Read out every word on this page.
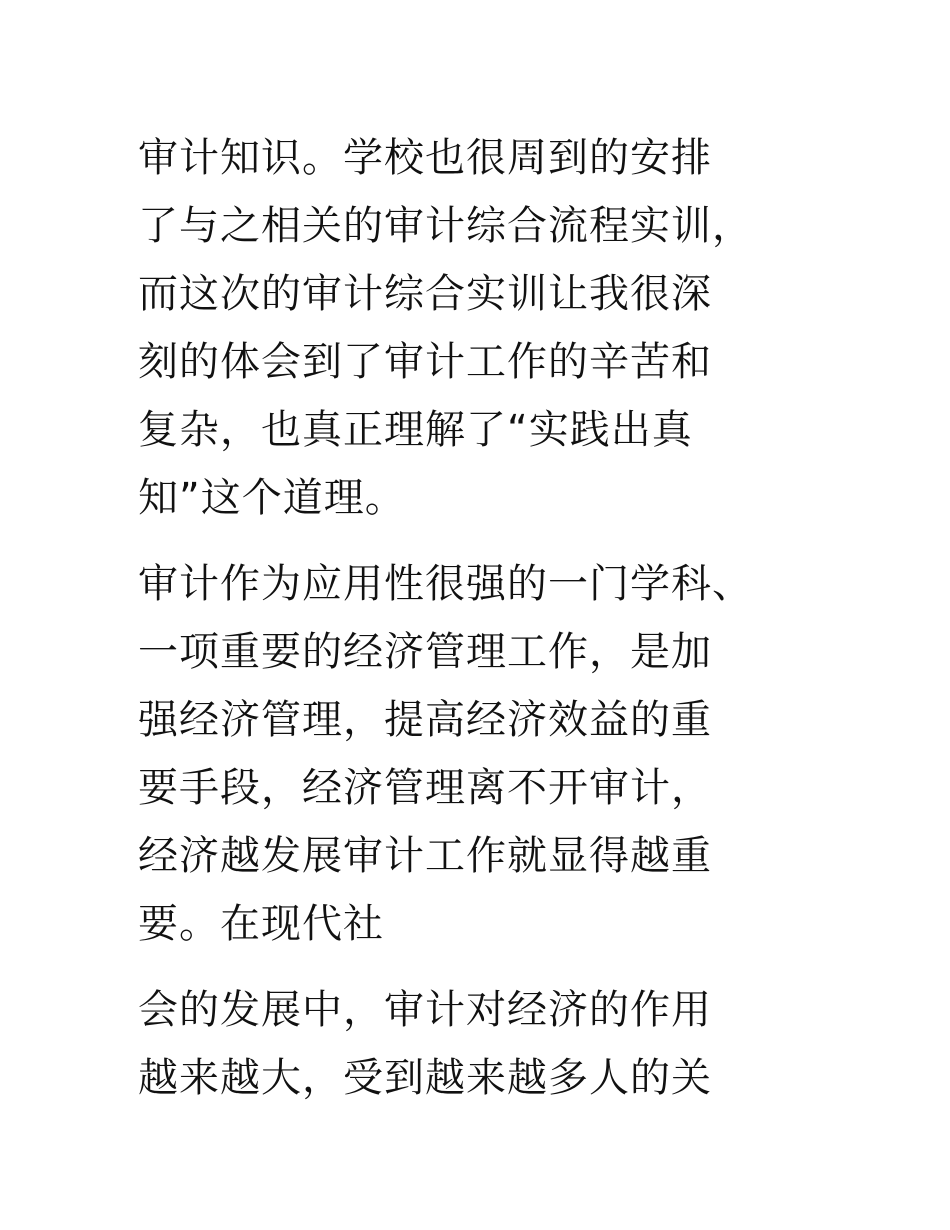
审计知识。学校也很周到的安排
了与之相关的审计综合流程实训，
而这次的审计综合实训让我很深
刻的体会到了审计工作的辛苦和
复杂，也真正理解了“实践出真
知”这个道理。
审计作为应用性很强的一门学科、
一项重要的经济管理工作，是加
强经济管理，提高经济效益的重
要手段，经济管理离不开审计，
经济越发展审计工作就显得越重
要。在现代社
会的发展中，审计对经济的作用
越来越大，受到越来越多人的关
